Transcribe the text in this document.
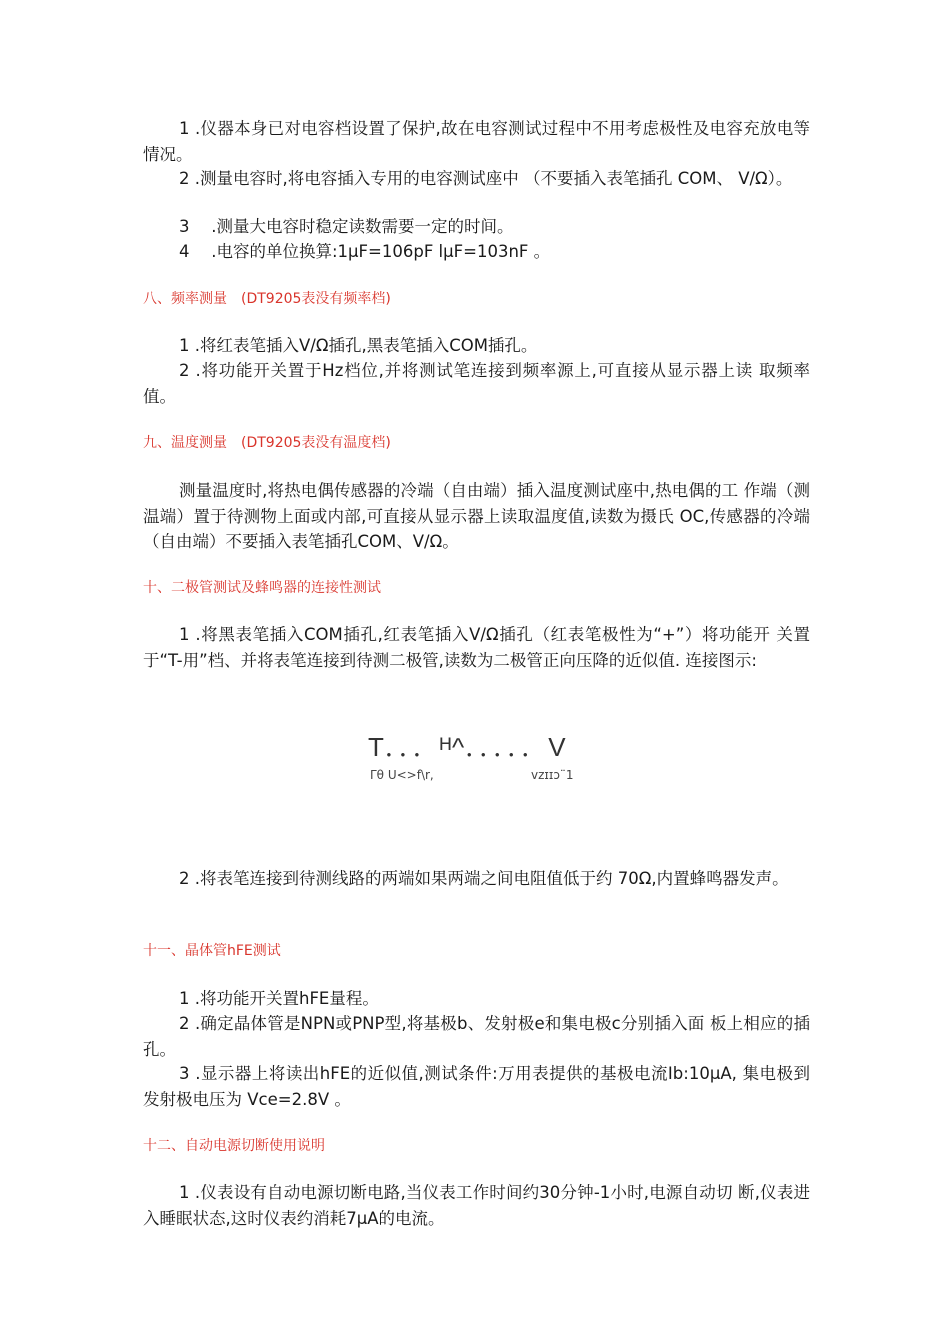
1 .仪器本身已对电容档设置了保护,故在电容测试过程中不用考虑极性及电容充放电等情况。

2 .测量电容时,将电容插入专用的电容测试座中 （不要插入表笔插孔 COM、 V/Ω）。

3 　.测量大电容时稳定读数需要一定的时间。

4 　.电容的单位换算:1μF=106pF lμF=103nF 。

八、频率测量　(DT9205表没有频率档)

1 .将红表笔插入V/Ω插孔,黑表笔插入COM插孔。

2 .将功能开关置于Hz档位,并将测试笔连接到频率源上,可直接从显示器上读 取频率值。

九、温度测量　(DT9205表没有温度档)

测量温度时,将热电偶传感器的冷端（自由端）插入温度测试座中,热电偶的工 作端（测温端）置于待测物上面或内部,可直接从显示器上读取温度值,读数为摄氏 OC,传感器的冷端（自由端）不要插入表笔插孔COM、V/Ω。

十、二极管测试及蜂鸣器的连接性测试

1 .将黑表笔插入COM插孔,红表笔插入V/Ω插孔（红表笔极性为“+”）将功能开 关置于“T-用”档、并将表笔连接到待测二极管,读数为二极管正向压降的近似值. 连接图示:

T．．．ᴴ^．．．．．V
Γθ U<>f\r,	vzɪɪɔ¨1

2 .将表笔连接到待测线路的两端如果两端之间电阻值低于约 70Ω,内置蜂鸣器发声。

十一、晶体管hFE测试

1 .将功能开关置hFE量程。

2 .确定晶体管是NPN或PNP型,将基极b、发射极e和集电极c分别插入面 板上相应的插孔。

3 .显示器上将读出hFE的近似值,测试条件:万用表提供的基极电流Ib:10μA, 集电极到发射极电压为 Vce=2.8V 。

十二、自动电源切断使用说明

1 .仪表设有自动电源切断电路,当仪表工作时间约30分钟-1小时,电源自动切 断,仪表进入睡眠状态,这时仪表约消耗7μA的电流。
